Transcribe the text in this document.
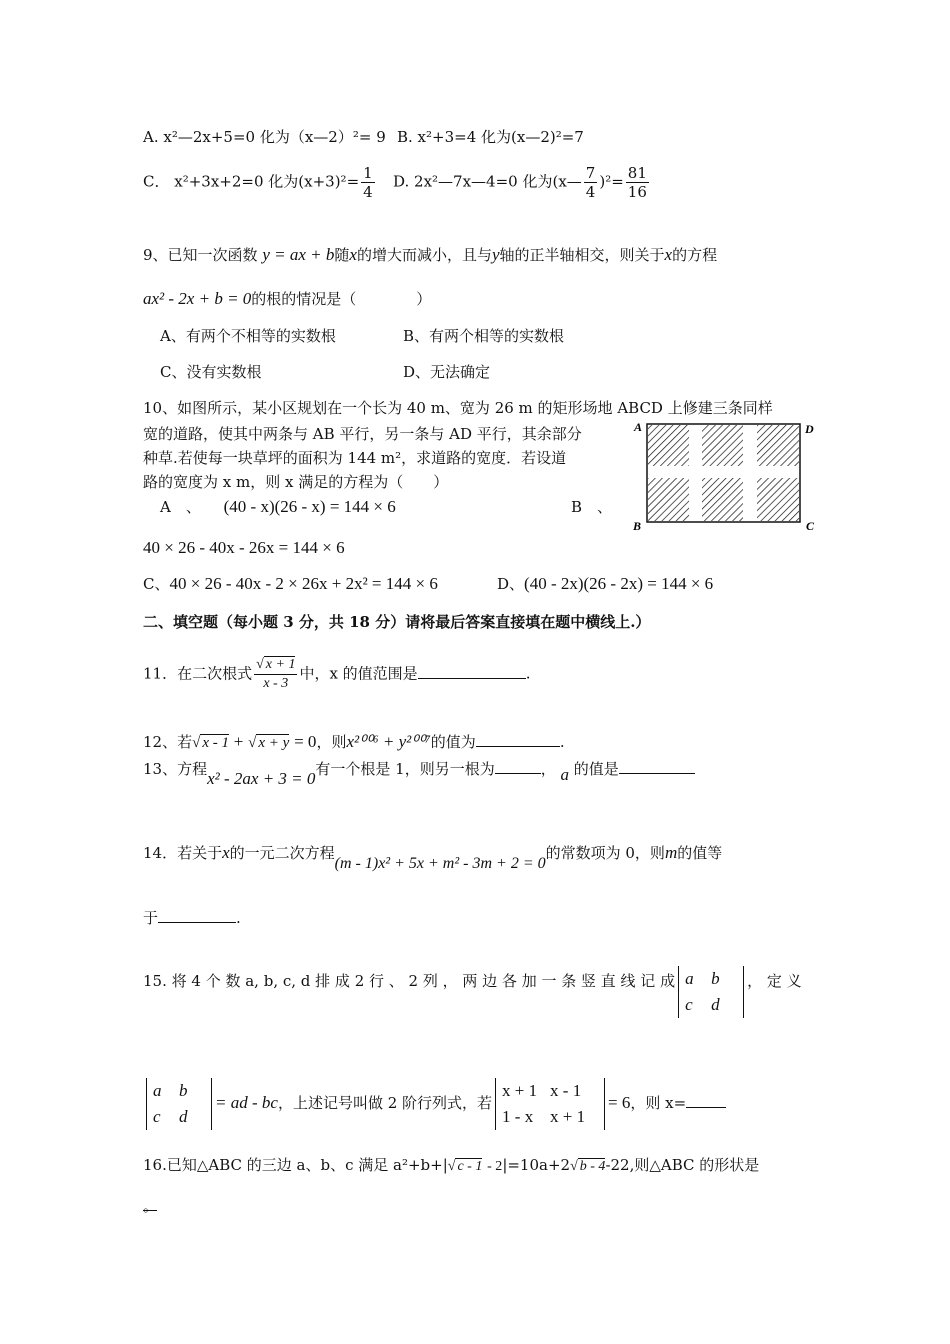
A. x²—2x+5=0 化为（x—2）²= 9 B. x²+3=4 化为(x—2)²=7
C． x²+3x+2=0 化为$(x+3)^2= \frac{1}{4} D$. 2x²—7x—4=0 化为(x— $\frac{7}{4} )^2= \frac{81}{16}$
9、已知一次函数 y = ax + b随x的增大而减小，且与y轴的正半轴相交，则关于x的方程
ax² - 2x + b = 0的根的情况是（　　　　）
A、有两个不相等的实数根	B、有两个相等的实数根
C、没有实数根	D、无法确定
10、如图所示，某小区规划在一个长为 40 m、宽为 26 m 的矩形场地 ABCD 上修建三条同样
宽的道路，使其中两条与 AB 平行，另一条与 AD 平行，其余部分
种草.若使每一块草坪的面积为 144 m²，求道路的宽度．若设道
路的宽度为 x m，则 x 满足的方程为（　　）
A　、 (40 - x)(26 - x) = 144 × 6	B　、
40 × 26 - 40x - 26x = 144 × 6
C、40 × 26 - 40x - 2 × 26x + 2x² = 144 × 6	D、(40 - 2x)(26 - 2x) = 144 × 6
A	D
B	C
二、填空题（每小题 3 分，共 18 分）请将最后答案直接填在题中横线上.）
11．在二次根式 $\frac{√ x + 1}{x - 3}$ 中，x 的值范围是	.
12、若√ x - 1 + √ x + y = 0，则x²⁰⁰⁶ + y²⁰⁰⁷的值为	.
13、方程x² - 2ax + 3 = 0有一个根是 1，则另一根为	， a 的值是
14．若关于x的一元二次方程(m - 1)x² + 5x + m² - 3m + 2 = 0的常数项为 0，则m的值等
于	.
15. 将 4 个 数 a, b, c, d 排 成 2 行 、 2 列 ， 两 边 各 加 一 条 竖 直 线 记 成 a b
c d
， 定 义
a b
c d
= ad - bc，上述记号叫做 2 阶行列式，若
x + 1 x - 1
1 - x x + 1
= 6，则 x=
16.已知△ABC 的三边 a、b、c 满足 a²+b+|√ c - 1 - 2|=10a+2√ b - 4-22,则△ABC 的形状是
。
